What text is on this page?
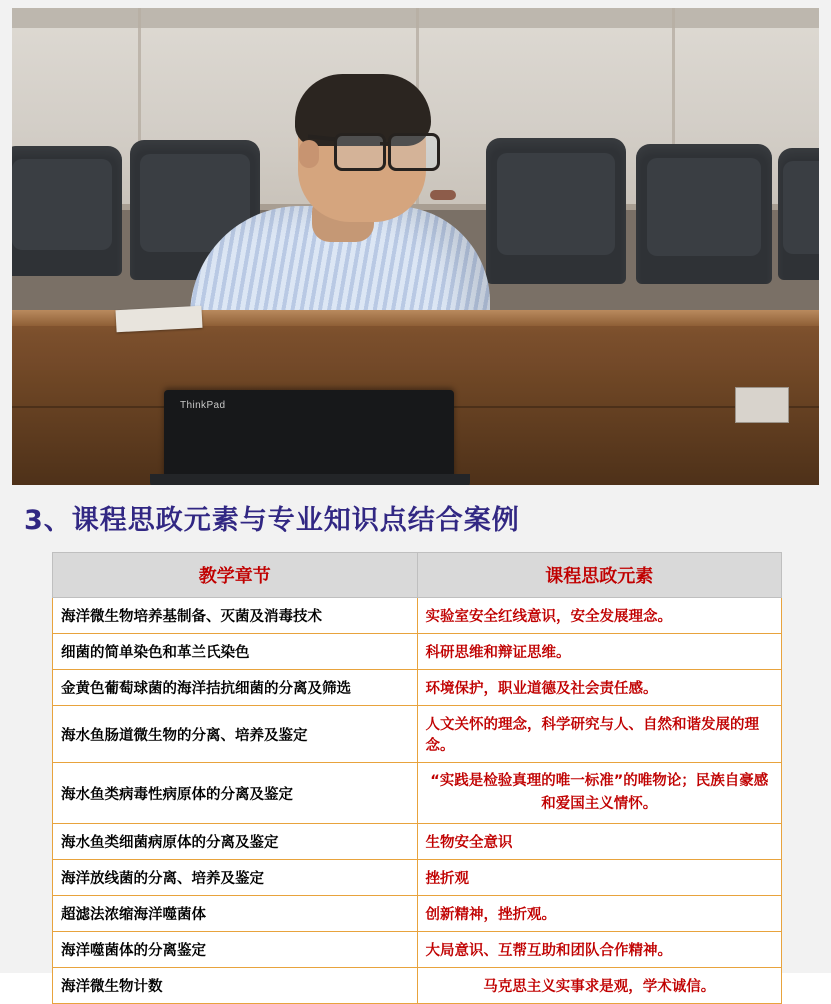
ThinkPad
3、课程思政元素与专业知识点结合案例
教学章节	课程思政元素
海洋微生物培养基制备、灭菌及消毒技术	实验室安全红线意识，安全发展理念。
细菌的简单染色和革兰氏染色	科研思维和辩证思维。
金黄色葡萄球菌的海洋拮抗细菌的分离及筛选	环境保护，职业道德及社会责任感。
海水鱼肠道微生物的分离、培养及鉴定	人文关怀的理念，科学研究与人、自然和谐发展的理念。
海水鱼类病毒性病原体的分离及鉴定	“实践是检验真理的唯一标准”的唯物论；民族自豪感和爱国主义情怀。
海水鱼类细菌病原体的分离及鉴定	生物安全意识
海洋放线菌的分离、培养及鉴定	挫折观
超滤法浓缩海洋噬菌体	创新精神，挫折观。
海洋噬菌体的分离鉴定	大局意识、互帮互助和团队合作精神。
海洋微生物计数	马克思主义实事求是观，学术诚信。
